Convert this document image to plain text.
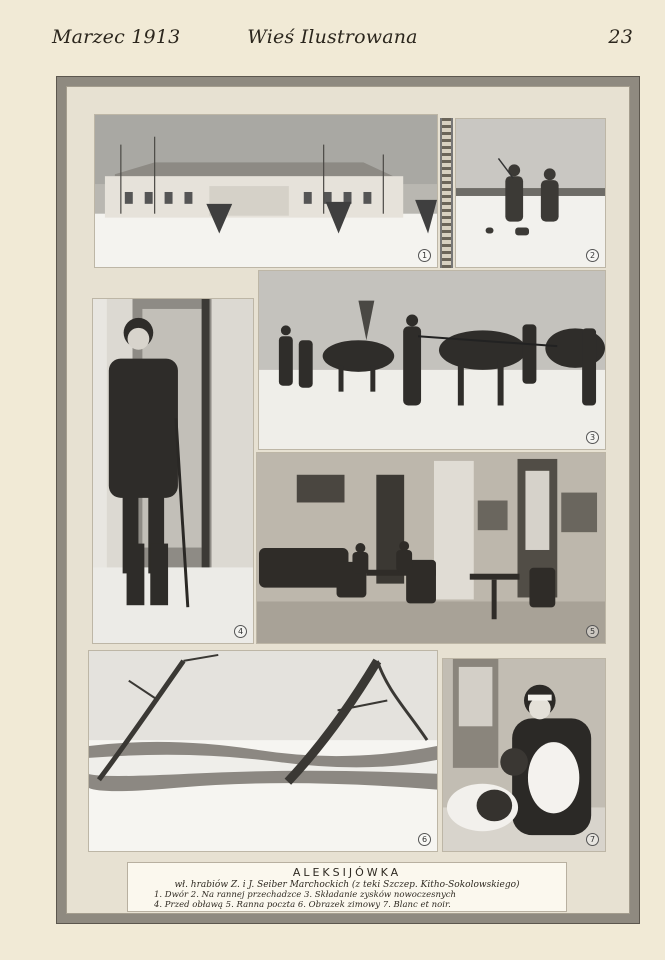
Marzec 1913	Wieś Ilustrowana	23
1	2
3
4	5
6	7
ALEKSIJÓWKA
wł. hrabiów Z. i J. Seiber Marchockich (z teki Szczep. Kitho-Sokolowskiego)
1. Dwór 2. Na rannej przechadzce 3. Składanie zysków nowoczesnych
4. Przed obławą 5. Ranna poczta 6. Obrazek zimowy 7. Blanc et noir.
